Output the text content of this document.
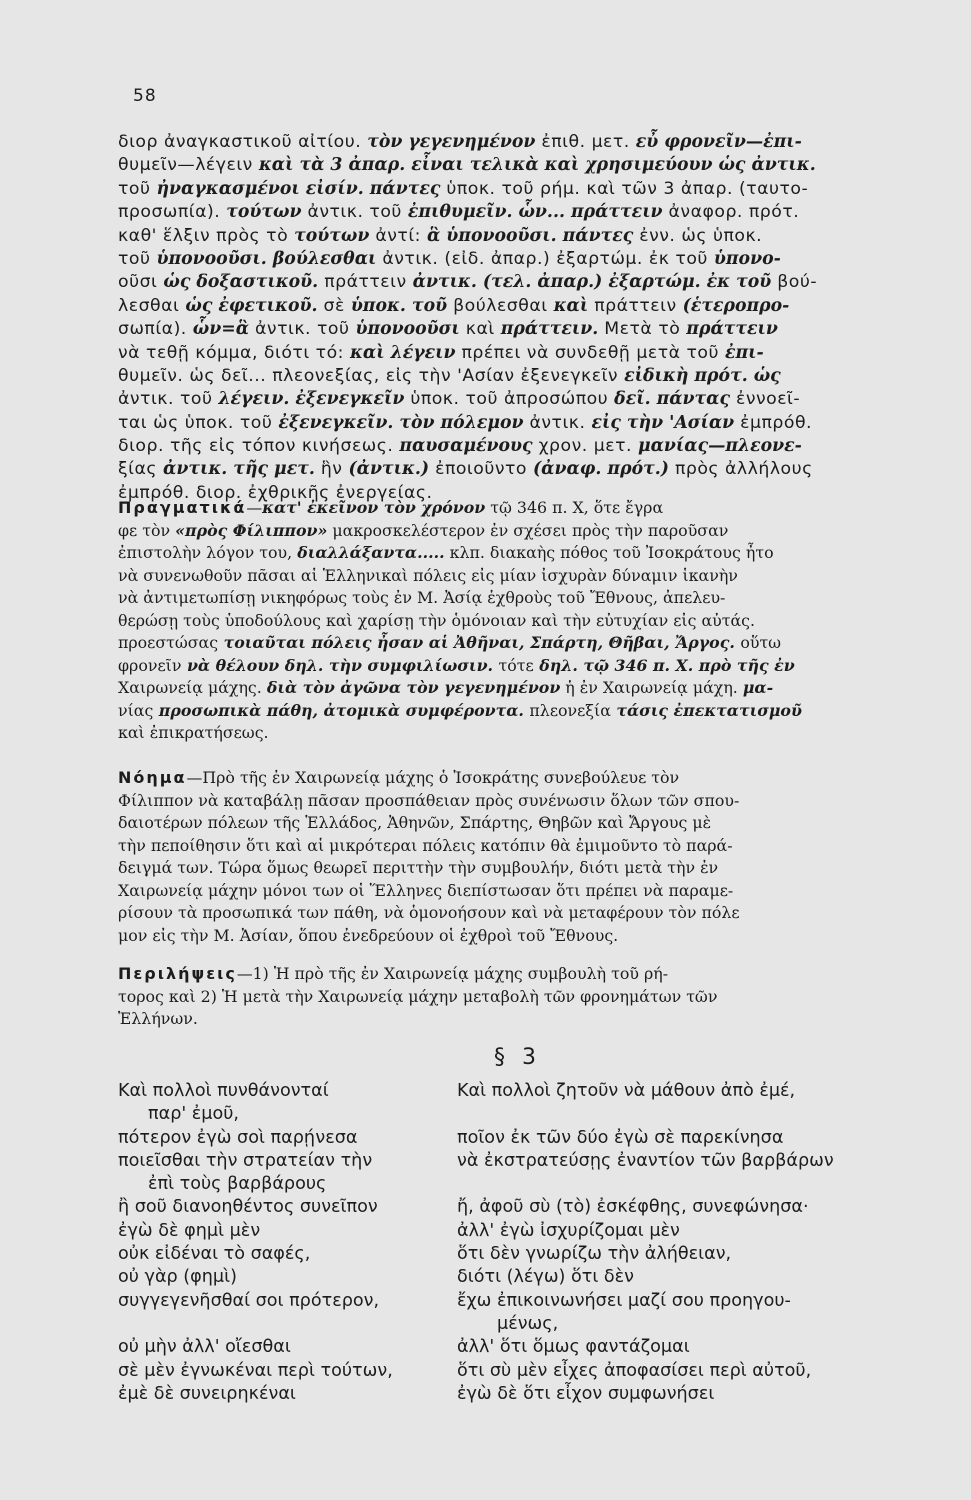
58
διορ ἀναγκαστικοῦ αἰτίου. τὸν γεγενημένον ἐπιθ. μετ. εὖ φρονεῖν—ἐπι-
θυμεῖν—λέγειν καὶ τὰ 3 ἀπαρ. εἶναι τελικὰ καὶ χρησιμεύουν ὡς ἀντικ.
τοῦ ἠναγκασμένοι εἰσίν. πάντες ὑποκ. τοῦ ρήμ. καὶ τῶν 3 ἀπαρ. (ταυτο-
προσωπία). τούτων ἀντικ. τοῦ ἐπιθυμεῖν. ὧν... πράττειν ἀναφορ. πρότ.
καθ' ἕλξιν πρὸς τὸ τούτων ἀντί: ἃ ὑπονοοῦσι. πάντες ἐνν. ὡς ὑποκ.
τοῦ ὑπονοοῦσι. βούλεσθαι ἀντικ. (εἰδ. ἀπαρ.) ἐξαρτώμ. ἐκ τοῦ ὑπονο-
οῦσι ὡς δοξαστικοῦ. πράττειν ἀντικ. (τελ. ἀπαρ.) ἐξαρτώμ. ἐκ τοῦ βού-
λεσθαι ὡς ἐφετικοῦ. σὲ ὑποκ. τοῦ βούλεσθαι καὶ πράττειν (ἑτεροπρο-
σωπία). ὧν=ἃ ἀντικ. τοῦ ὑπονοοῦσι καὶ πράττειν. Μετὰ τὸ πράττειν
νὰ τεθῇ κόμμα, διότι τό: καὶ λέγειν πρέπει νὰ συνδεθῇ μετὰ τοῦ ἐπι-
θυμεῖν. ὡς δεῖ... πλεονεξίας, εἰς τὴν 'Ασίαν ἐξενεγκεῖν εἰδικὴ πρότ. ὡς
ἀντικ. τοῦ λέγειν. ἐξενεγκεῖν ὑποκ. τοῦ ἀπροσώπου δεῖ. πάντας ἐννοεῖ-
ται ὡς ὑποκ. τοῦ ἐξενεγκεῖν. τὸν πόλεμον ἀντικ. εἰς τὴν 'Ασίαν ἐμπρόθ.
διορ. τῆς εἰς τόπον κινήσεως. παυσαμένους χρον. μετ. μανίας—πλεονε-
ξίας ἀντικ. τῆς μετ. ἣν (ἀντικ.) ἐποιοῦντο (ἀναφ. πρότ.) πρὸς ἀλλήλους
ἐμπρόθ. διορ. ἐχθρικῆς ἐνεργείας.
Πραγματικά—κατ' ἐκεῖνον τὸν χρόνον τῷ 346 π. Χ, ὅτε ἔγρα
φε τὸν «πρὸς Φίλιππον» μακροσκελέστερον ἐν σχέσει πρὸς τὴν παροῦσαν
ἐπιστολὴν λόγον του, διαλλάξαντα..... κλπ. διακαὴς πόθος τοῦ Ἰσοκράτους ἦτο
νὰ συνενωθοῦν πᾶσαι αἱ Ἑλληνικαὶ πόλεις εἰς μίαν ἰσχυρὰν δύναμιν ἱκανὴν
νὰ ἀντιμετωπίσῃ νικηφόρως τοὺς ἐν Μ. Ἀσίᾳ ἐχθροὺς τοῦ Ἔθνους, ἀπελευ-
θερώσῃ τοὺς ὑποδούλους καὶ χαρίσῃ τὴν ὁμόνοιαν καὶ τὴν εὐτυχίαν εἰς αὐτάς.
προεστώσας τοιαῦται πόλεις ἦσαν αἱ Ἀθῆναι, Σπάρτη, Θῆβαι, Ἄργος. οὕτω
φρονεῖν νὰ θέλουν δηλ. τὴν συμφιλίωσιν. τότε δηλ. τῷ 346 π. Χ. πρὸ τῆς ἐν
Χαιρωνείᾳ μάχης. διὰ τὸν ἀγῶνα τὸν γεγενημένον ἡ ἐν Χαιρωνείᾳ μάχη. μα-
νίας προσωπικὰ πάθη, ἀτομικὰ συμφέροντα. πλεονεξία τάσις ἐπεκτατισμοῦ
καὶ ἐπικρατήσεως.
Νόημα—Πρὸ τῆς ἐν Χαιρωνείᾳ μάχης ὁ Ἰσοκράτης συνεβούλευε τὸν
Φίλιππον νὰ καταβάλῃ πᾶσαν προσπάθειαν πρὸς συνένωσιν ὅλων τῶν σπου-
δαιοτέρων πόλεων τῆς Ἑλλάδος, Ἀθηνῶν, Σπάρτης, Θηβῶν καὶ Ἄργους μὲ
τὴν πεποίθησιν ὅτι καὶ αἱ μικρότεραι πόλεις κατόπιν θὰ ἐμιμοῦντο τὸ παρά-
δειγμά των. Τώρα ὅμως θεωρεῖ περιττὴν τὴν συμβουλήν, διότι μετὰ τὴν ἐν
Χαιρωνείᾳ μάχην μόνοι των οἱ Ἕλληνες διεπίστωσαν ὅτι πρέπει νὰ παραμε-
ρίσουν τὰ προσωπικά των πάθη, νὰ ὁμονοήσουν καὶ νὰ μεταφέρουν τὸν πόλε
μον εἰς τὴν Μ. Ἀσίαν, ὅπου ἐνεδρεύουν οἱ ἐχθροὶ τοῦ Ἔθνους.
Περιλήψεις—1) Ἡ πρὸ τῆς ἐν Χαιρωνείᾳ μάχης συμβουλὴ τοῦ ρή-
τορος καὶ 2) Ἡ μετὰ τὴν Χαιρωνείᾳ μάχην μεταβολὴ τῶν φρονημάτων τῶν
Ἑλλήνων.
§ 3
Καὶ πολλοὶ πυνθάνονταί	Καὶ πολλοὶ ζητοῦν νὰ μάθουν ἀπὸ ἐμέ,
παρ' ἐμοῦ,
πότερον ἐγὼ σοὶ παρῄνεσα	ποῖον ἐκ τῶν δύο ἐγὼ σὲ παρεκίνησα
ποιεῖσθαι τὴν στρατείαν τὴν	νὰ ἐκστρατεύσῃς ἐναντίον τῶν βαρβάρων
ἐπὶ τοὺς βαρβάρους
ἢ σοῦ διανοηθέντος συνεῖπον	ἤ, ἀφοῦ σὺ (τὸ) ἐσκέφθης, συνεφώνησα·
ἐγὼ δὲ φημὶ μὲν	ἀλλ' ἐγὼ ἰσχυρίζομαι μὲν
οὐκ εἰδέναι τὸ σαφές,	ὅτι δὲν γνωρίζω τὴν ἀλήθειαν,
οὐ γὰρ (φημὶ)	διότι (λέγω) ὅτι δὲν
συγγεγενῆσθαί σοι πρότερον,	ἔχω ἐπικοινωνήσει μαζί σου προηγου-
μένως,
οὐ μὴν ἀλλ' οἴεσθαι	ἀλλ' ὅτι ὅμως φαντάζομαι
σὲ μὲν ἐγνωκέναι περὶ τούτων,	ὅτι σὺ μὲν εἶχες ἀποφασίσει περὶ αὐτοῦ,
ἐμὲ δὲ συνειρηκέναι	ἐγὼ δὲ ὅτι εἶχον συμφωνήσει
